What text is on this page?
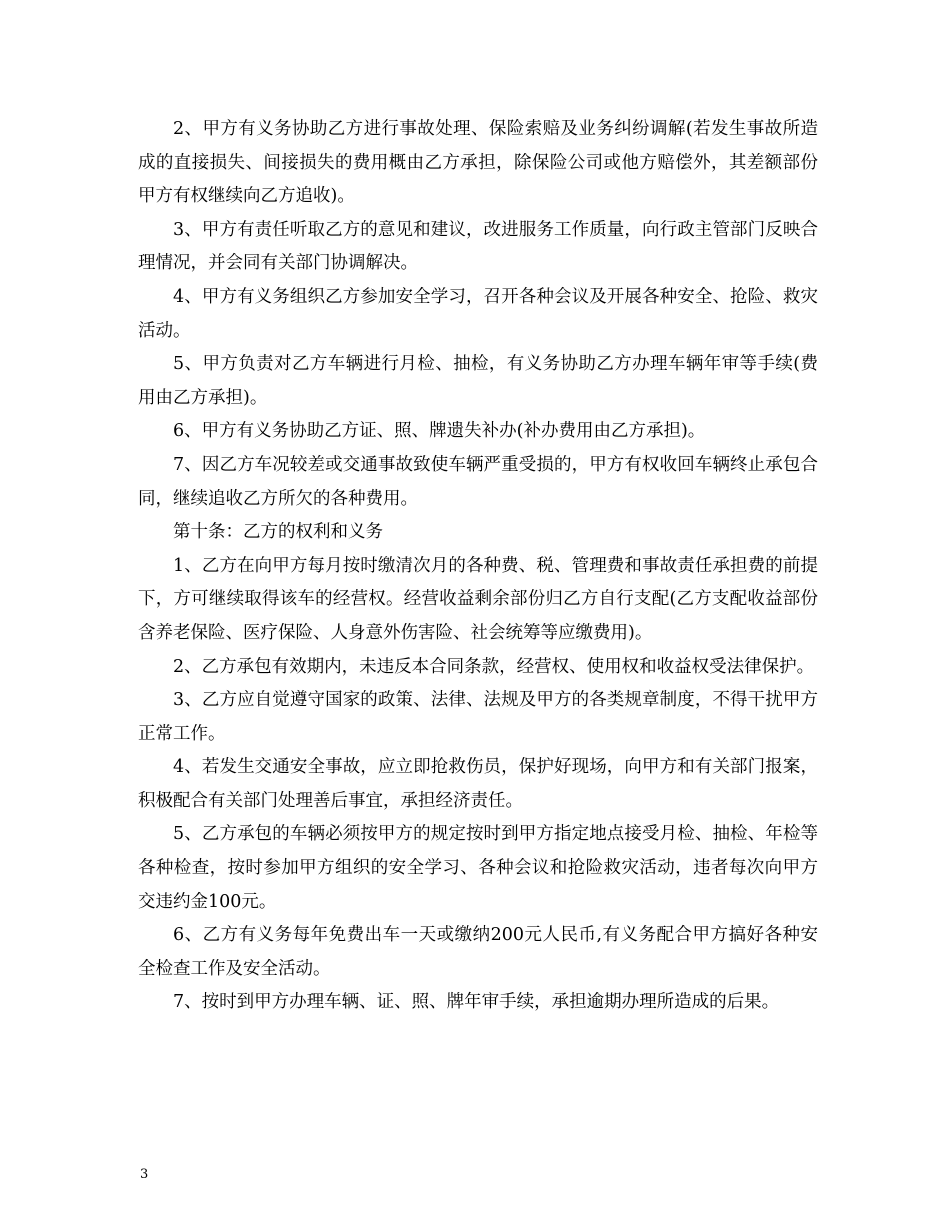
2、甲方有义务协助乙方进行事故处理、保险索赔及业务纠纷调解(若发生事故所造成的直接损失、间接损失的费用概由乙方承担，除保险公司或他方赔偿外，其差额部份甲方有权继续向乙方追收)。

3、甲方有责任听取乙方的意见和建议，改进服务工作质量，向行政主管部门反映合理情况，并会同有关部门协调解决。

4、甲方有义务组织乙方参加安全学习，召开各种会议及开展各种安全、抢险、救灾活动。

5、甲方负责对乙方车辆进行月检、抽检，有义务协助乙方办理车辆年审等手续(费用由乙方承担)。

6、甲方有义务协助乙方证、照、牌遗失补办(补办费用由乙方承担)。

7、因乙方车况较差或交通事故致使车辆严重受损的，甲方有权收回车辆终止承包合同，继续追收乙方所欠的各种费用。

第十条：乙方的权利和义务

1、乙方在向甲方每月按时缴清次月的各种费、税、管理费和事故责任承担费的前提下，方可继续取得该车的经营权。经营收益剩余部份归乙方自行支配(乙方支配收益部份含养老保险、医疗保险、人身意外伤害险、社会统筹等应缴费用)。

2、乙方承包有效期内，未违反本合同条款，经营权、使用权和收益权受法律保护。

3、乙方应自觉遵守国家的政策、法律、法规及甲方的各类规章制度，不得干扰甲方正常工作。

4、若发生交通安全事故，应立即抢救伤员，保护好现场，向甲方和有关部门报案，积极配合有关部门处理善后事宜，承担经济责任。

5、乙方承包的车辆必须按甲方的规定按时到甲方指定地点接受月检、抽检、年检等各种检查，按时参加甲方组织的安全学习、各种会议和抢险救灾活动，违者每次向甲方交违约金100元。

6、乙方有义务每年免费出车一天或缴纳200元人民币,有义务配合甲方搞好各种安全检查工作及安全活动。

7、按时到甲方办理车辆、证、照、牌年审手续，承担逾期办理所造成的后果。

3
